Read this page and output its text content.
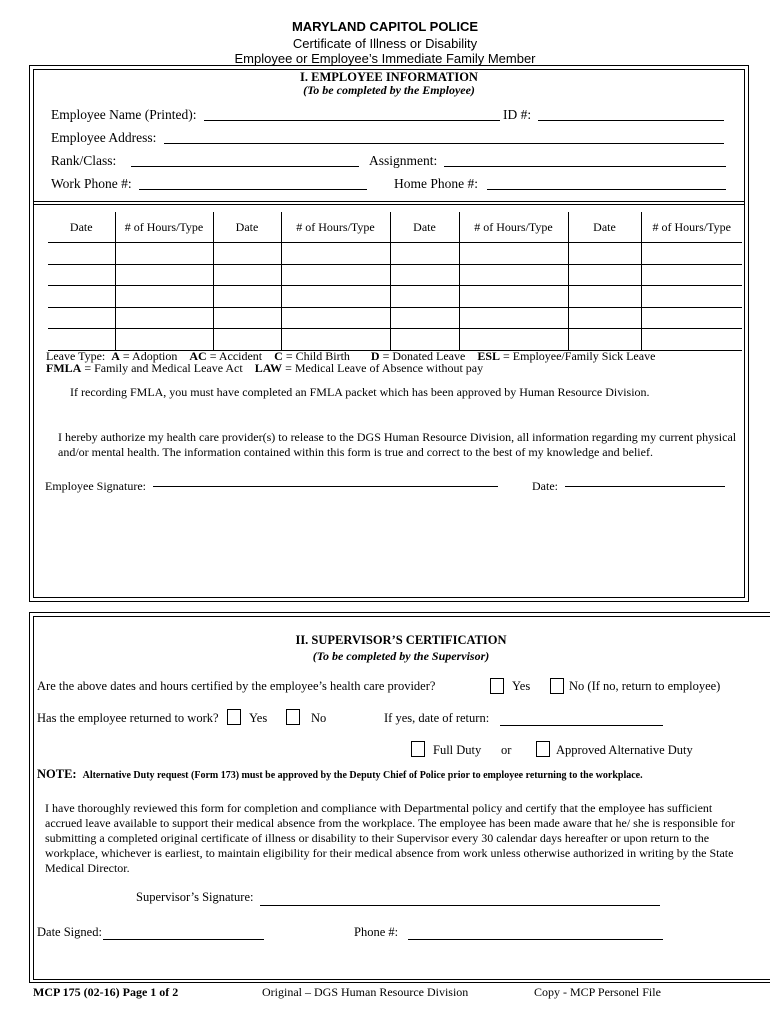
MARYLAND CAPITOL POLICE
Certificate of Illness or Disability
Employee or Employee’s Immediate Family Member
I. EMPLOYEE INFORMATION
(To be completed by the Employee)
Employee Name (Printed):	ID #:
Employee Address:
Rank/Class:	Assignment:
Work Phone #:	Home Phone #:
Date	# of Hours/Type	Date	# of Hours/Type	Date	# of Hours/Type	Date	# of Hours/Type

Leave Type: A = Adoption AC = Accident C = Child Birth D = Donated Leave ESL = Employee/Family Sick Leave
FMLA = Family and Medical Leave Act LAW = Medical Leave of Absence without pay
If recording FMLA, you must have completed an FMLA packet which has been approved by Human Resource Division.
I hereby authorize my health care provider(s) to release to the DGS Human Resource Division, all information regarding my current physical and/or mental health. The information contained within this form is true and correct to the best of my knowledge and belief.
Employee Signature:	Date:
II. SUPERVISOR’S CERTIFICATION
(To be completed by the Supervisor)
Are the above dates and hours certified by the employee’s health care provider?	Yes	No (If no, return to employee)
Has the employee returned to work? Yes	No	If yes, date of return:
Full Duty or	Approved Alternative Duty
NOTE: Alternative Duty request (Form 173) must be approved by the Deputy Chief of Police prior to employee returning to the workplace.
I have thoroughly reviewed this form for completion and compliance with Departmental policy and certify that the employee has sufficient accrued leave available to support their medical absence from the workplace. The employee has been made aware that he/ she is responsible for submitting a completed original certificate of illness or disability to their Supervisor every 30 calendar days hereafter or upon return to the workplace, whichever is earliest, to maintain eligibility for their medical absence from work unless otherwise authorized in writing by the State Medical Director.
Supervisor’s Signature:
Date Signed:	Phone #:
MCP 175 (02-16) Page 1 of 2	Original – DGS Human Resource Division	Copy - MCP Personel File
